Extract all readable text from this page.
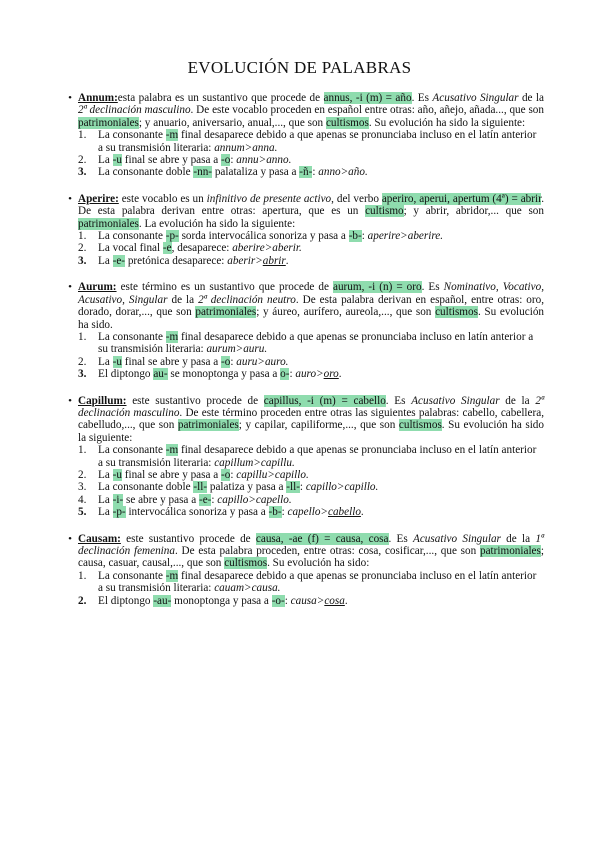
EVOLUCIÓN DE PALABRAS
• Annum:esta palabra es un sustantivo que procede de annus, -i (m) = año. Es Acusativo Singular de la 2ª declinación masculino. De este vocablo proceden en español entre otras: año, añejo, añada..., que son patrimoniales; y anuario, aniversario, anual,..., que son cultismos. Su evolución ha sido la siguiente:
1. La consonante -m final desaparece debido a que apenas se pronunciaba incluso en el latín anterior a su transmisión literaria: annum>anna.
2. La -u final se abre y pasa a -o: annu>anno.
3. La consonante doble -nn- palataliza y pasa a -ñ-: anno>año.
• Aperire: este vocablo es un infinitivo de presente activo, del verbo aperiro, aperui, apertum (4ª) = abrir. De esta palabra derivan entre otras: apertura, que es un cultismo; y abrir, abridor,... que son patrimoniales. La evolución ha sido la siguiente:
1. La consonante -p- sorda intervocálica sonoriza y pasa a -b-: aperire>aberire.
2. La vocal final -e, desaparece: aberire>aberir.
3. La -e- pretónica desaparece: aberir>abrir.
• Aurum: este término es un sustantivo que procede de aurum, -i (n) = oro. Es Nominativo, Vocativo, Acusativo, Singular de la 2ª declinación neutro. De esta palabra derivan en español, entre otras: oro, dorado, dorar,..., que son patrimoniales; y áureo, aurífero, aureola,..., que son cultismos. Su evolución ha sido.
1. La consonante -m final desaparece debido a que apenas se pronunciaba incluso en latín anterior a su transmisión literaria: aurum>auru.
2. La -u final se abre y pasa a -o: auru>auro.
3. El diptongo au- se monoptonga y pasa a o-: auro>oro.
• Capillum: este sustantivo procede de capillus, -i (m) = cabello. Es Acusativo Singular de la 2ª declinación masculino. De este término proceden entre otras las siguientes palabras: cabello, cabellera, cabelludo,..., que son patrimoniales; y capilar, capiliforme,..., que son cultismos. Su evolución ha sido la siguiente:
1. La consonante -m final desaparece debido a que apenas se pronunciaba incluso en el latín anterior a su transmisión literaria: capillum>capillu.
2. La -u final se abre y pasa a -o: capillu>capillo.
3. La consonante doble -ll- palatiza y pasa a -ll-: capillo>capillo.
4. La -i- se abre y pasa a -e-: capillo>capello.
5. La -p- intervocálica sonoriza y pasa a -b-: capello>cabello.
• Causam: este sustantivo procede de causa, -ae (f) = causa, cosa. Es Acusativo Singular de la 1ª declinación femenina. De esta palabra proceden, entre otras: cosa, cosificar,..., que son patrimoniales; causa, casuar, causal,..., que son cultismos. Su evolución ha sido:
1. La consonante -m final desaparece debido a que apenas se pronunciaba incluso en el latín anterior a su transmisión literaria: cauam>causa.
2. El diptongo -au- monoptonga y pasa a -o-: causa>cosa.
